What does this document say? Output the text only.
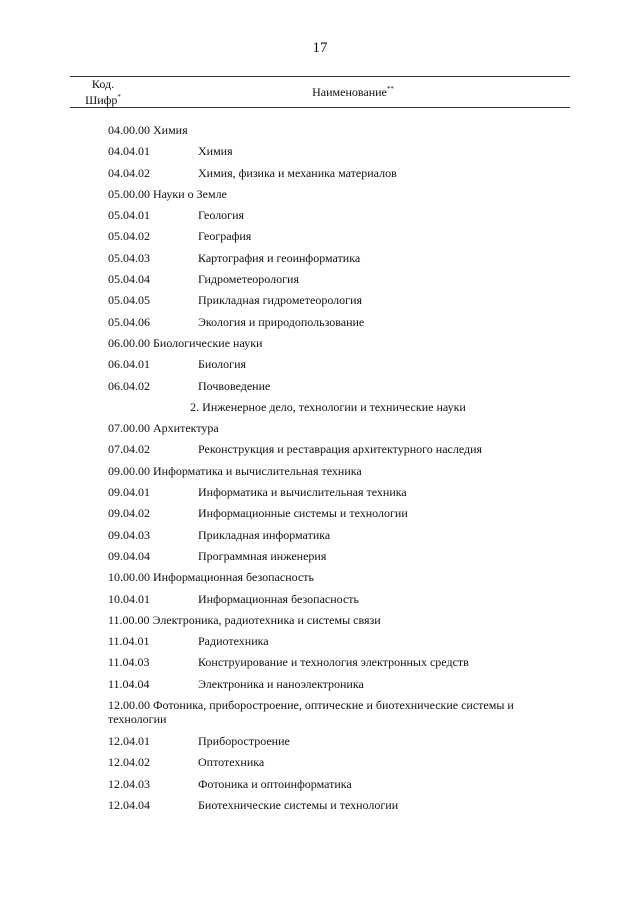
17
Код.
Шифр*	Наименование**
04.00.00 Химия
04.04.01	Химия
04.04.02	Химия, физика и механика материалов
05.00.00 Науки о Земле
05.04.01	Геология
05.04.02	География
05.04.03	Картография и геоинформатика
05.04.04	Гидрометеорология
05.04.05	Прикладная гидрометеорология
05.04.06	Экология и природопользование
06.00.00 Биологические науки
06.04.01	Биология
06.04.02	Почвоведение
2. Инженерное дело, технологии и технические науки
07.00.00 Архитектура
07.04.02	Реконструкция и реставрация архитектурного наследия
09.00.00 Информатика и вычислительная техника
09.04.01	Информатика и вычислительная техника
09.04.02	Информационные системы и технологии
09.04.03	Прикладная информатика
09.04.04	Программная инженерия
10.00.00 Информационная безопасность
10.04.01	Информационная безопасность
11.00.00 Электроника, радиотехника и системы связи
11.04.01	Радиотехника
11.04.03	Конструирование и технология электронных средств
11.04.04	Электроника и наноэлектроника
12.00.00 Фотоника, приборостроение, оптические и биотехнические системы и технологии
12.04.01	Приборостроение
12.04.02	Оптотехника
12.04.03	Фотоника и оптоинформатика
12.04.04	Биотехнические системы и технологии
